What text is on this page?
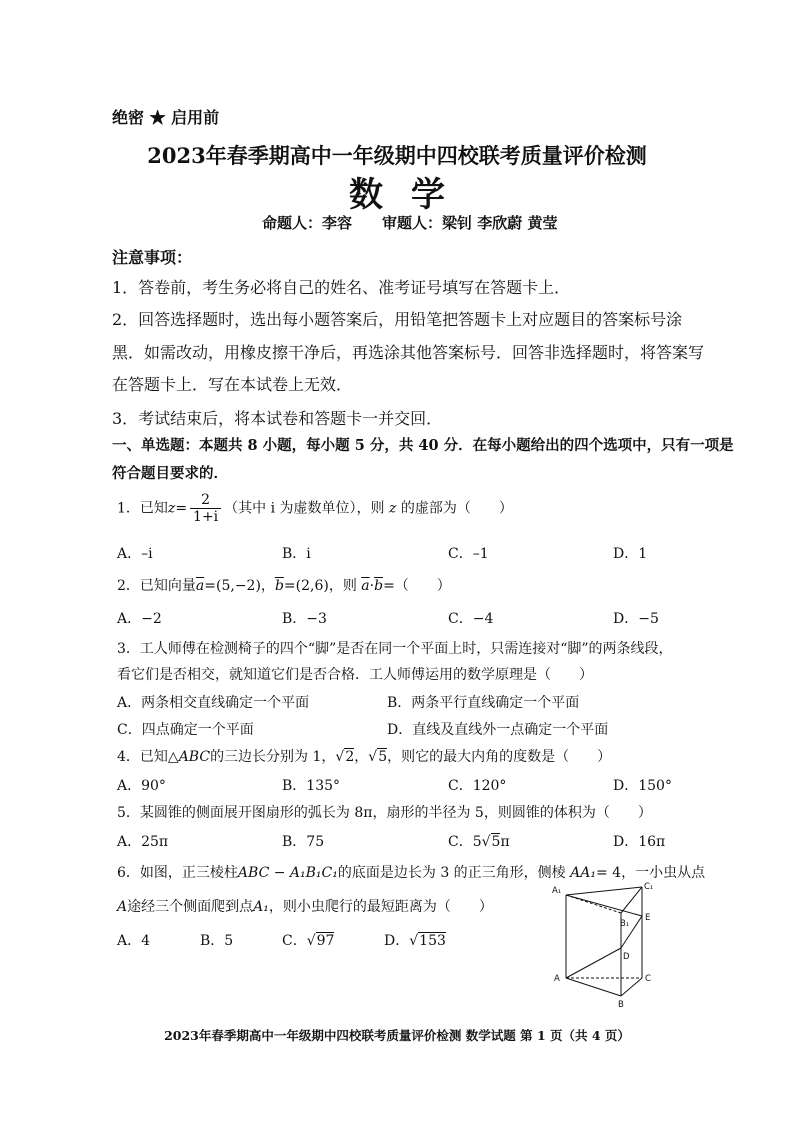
绝密 ★ 启用前
2023年春季期高中一年级期中四校联考质量评价检测
数学
命题人：李容　　审题人：梁钊 李欣蔚 黄莹
注意事项：
1．答卷前，考生务必将自己的姓名、准考证号填写在答题卡上．
2．回答选择题时，选出每小题答案后，用铅笔把答题卡上对应题目的答案标号涂
黑．如需改动，用橡皮擦干净后，再选涂其他答案标号．回答非选择题时，将答案写
在答题卡上．写在本试卷上无效．
3．考试结束后，将本试卷和答题卡一并交回．
一、单选题：本题共 8 小题，每小题 5 分，共 40 分．在每小题给出的四个选项中，只有一项是
符合题目要求的．
1．已知$z= \frac{2}{1+i}$ （其中 i 为虚数单位），则 z 的虚部为（　　）
A．–i	B．i	C．–1	D．1
2．已知向量$\overline{a}=(5,-2)$，$\overline{b}=(2,6)$，则 $\overline{a}\cdot\overline{b}=$（　　）
A．−2	B．−3	C．−4	D．−5
3．工人师傅在检测椅子的四个“脚”是否在同一个平面上时，只需连接对“脚”的两条线段，
看它们是否相交，就知道它们是否合格．工人师傅运用的数学原理是（　　）
A．两条相交直线确定一个平面	B．两条平行直线确定一个平面
C．四点确定一个平面	D．直线及直线外一点确定一个平面
4．已知△ABC的三边长分别为 1，√2，√5，则它的最大内角的度数是（　　）
A．90°	B．135°	C．120°	D．150°
5．某圆锥的侧面展开图扇形的弧长为 8π，扇形的半径为 5，则圆锥的体积为（　　）
A．25π	B．75	C．5√5π	D．16π
6．如图，正三棱柱ABC − A₁B₁C₁的底面是边长为 3 的正三角形，侧棱 AA₁= 4，一小虫从点
A途经三个侧面爬到点A₁，则小虫爬行的最短距离为（　　）
A．4	B．5	C．√97	D．√153
A₁	C₁
B₁
E
D
A	C
B
2023年春季期高中一年级期中四校联考质量评价检测 数学试题 第 1 页（共 4 页）
